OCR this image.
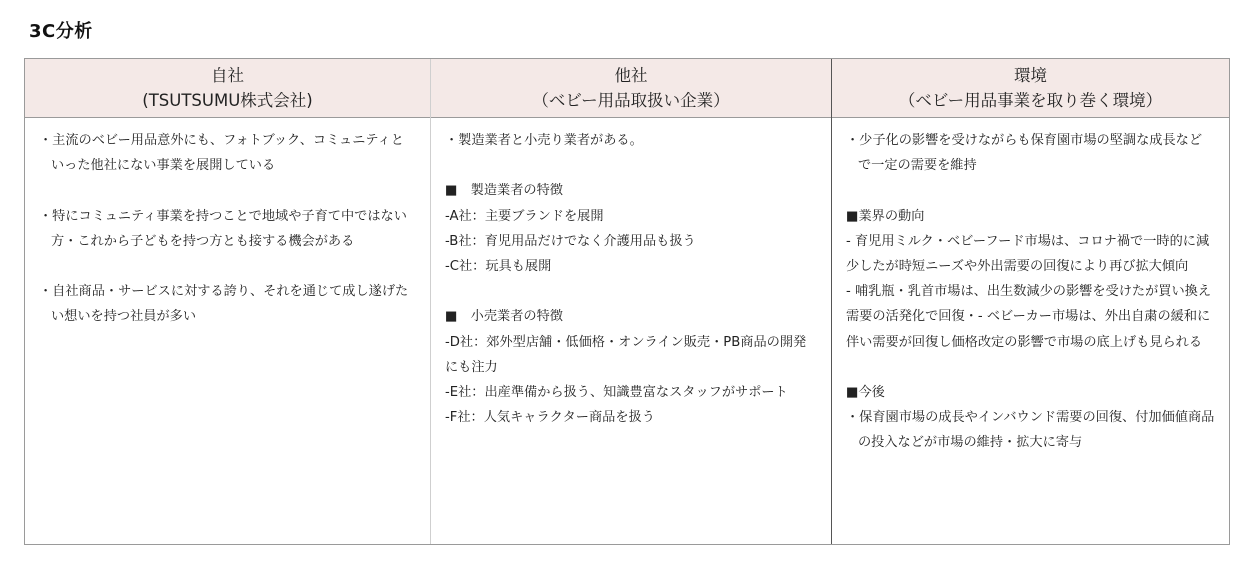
3C分析
自社
(TSUTSUMU株式会社)
・主流のベビー用品意外にも、フォトブック、コミュニティといった他社にない事業を展開している
・特にコミュニティ事業を持つことで地域や子育て中ではない方・これから子どもを持つ方とも接する機会がある
・自社商品・サービスに対する誇り、それを通じて成し遂げたい想いを持つ社員が多い
他社
（ベビー用品取扱い企業）
・製造業者と小売り業者がある。
■　製造業者の特徴
-A社：主要ブランドを展開
-B社：育児用品だけでなく介護用品も扱う
-C社：玩具も展開
■　小売業者の特徴
-D社：郊外型店舗・低価格・オンライン販売・PB商品の開発にも注力
-E社：出産準備から扱う、知識豊富なスタッフがサポート
-F社：人気キャラクター商品を扱う
環境
（ベビー用品事業を取り巻く環境）
・少子化の影響を受けながらも保育園市場の堅調な成長などで一定の需要を維持
■業界の動向
- 育児用ミルク・ベビーフード市場は、コロナ禍で一時的に減少したが時短ニーズや外出需要の回復により再び拡大傾向
- 哺乳瓶・乳首市場は、出生数減少の影響を受けたが買い換え需要の活発化で回復・- ベビーカー市場は、外出自粛の緩和に伴い需要が回復し価格改定の影響で市場の底上げも見られる
■今後
・保育園市場の成長やインバウンド需要の回復、付加価値商品の投入などが市場の維持・拡大に寄与
